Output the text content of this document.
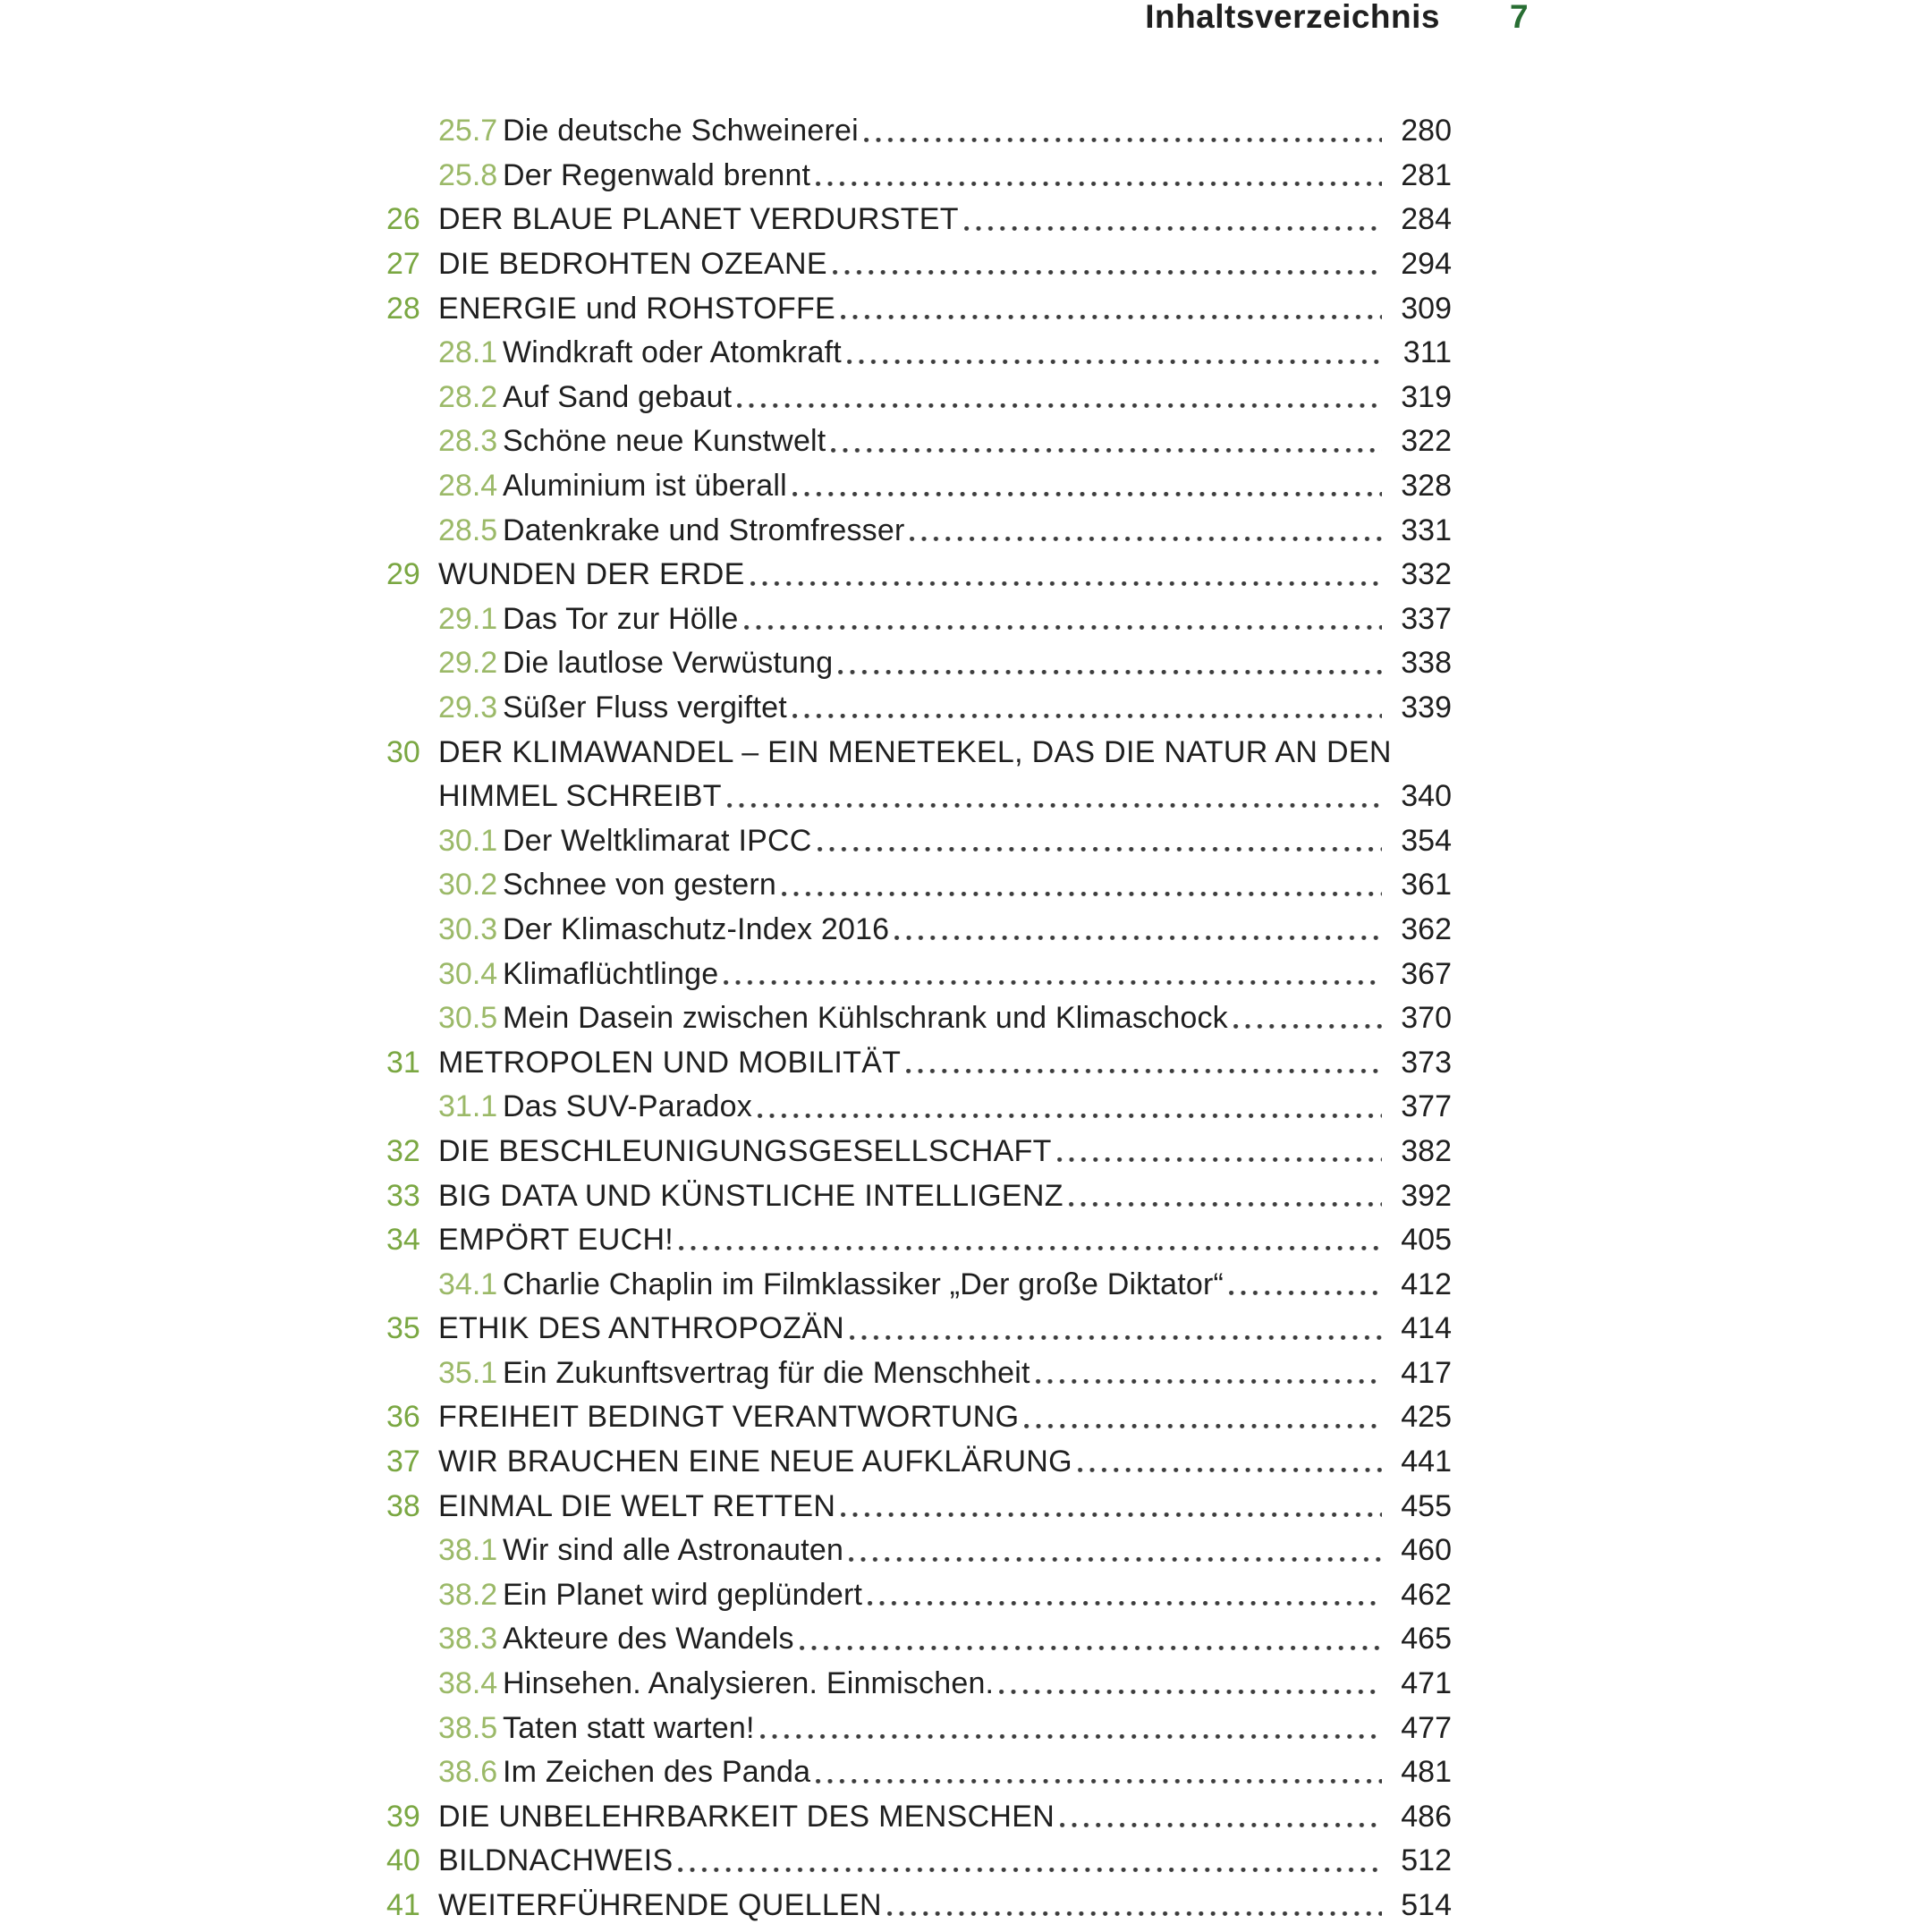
Inhaltsverzeichnis 7
25.7 Die deutsche Schweinerei	280
25.8 Der Regenwald brennt	281
26 DER BLAUE PLANET VERDURSTET	284
27 DIE BEDROHTEN OZEANE	294
28 ENERGIE und ROHSTOFFE	309
28.1 Windkraft oder Atomkraft	311
28.2 Auf Sand gebaut	319
28.3 Schöne neue Kunstwelt	322
28.4 Aluminium ist überall	328
28.5 Datenkrake und Stromfresser	331
29 WUNDEN DER ERDE	332
29.1 Das Tor zur Hölle	337
29.2 Die lautlose Verwüstung	338
29.3 Süßer Fluss vergiftet	339
30 DER KLIMAWANDEL – EIN MENETEKEL, DAS DIE NATUR AN DEN
HIMMEL SCHREIBT	340
30.1 Der Weltklimarat IPCC	354
30.2 Schnee von gestern	361
30.3 Der Klimaschutz-Index 2016	362
30.4 Klimaflüchtlinge	367
30.5 Mein Dasein zwischen Kühlschrank und Klimaschock	370
31 METROPOLEN UND MOBILITÄT	373
31.1 Das SUV-Paradox	377
32 DIE BESCHLEUNIGUNGSGESELLSCHAFT	382
33 BIG DATA UND KÜNSTLICHE INTELLIGENZ	392
34 EMPÖRT EUCH!	405
34.1 Charlie Chaplin im Filmklassiker „Der große Diktator“	412
35 ETHIK DES ANTHROPOZÄN	414
35.1 Ein Zukunftsvertrag für die Menschheit	417
36 FREIHEIT BEDINGT VERANTWORTUNG	425
37 WIR BRAUCHEN EINE NEUE AUFKLÄRUNG	441
38 EINMAL DIE WELT RETTEN	455
38.1 Wir sind alle Astronauten	460
38.2 Ein Planet wird geplündert	462
38.3 Akteure des Wandels	465
38.4 Hinsehen. Analysieren. Einmischen.	471
38.5 Taten statt warten!	477
38.6 Im Zeichen des Panda	481
39 DIE UNBELEHRBARKEIT DES MENSCHEN	486
40 BILDNACHWEIS	512
41 WEITERFÜHRENDE QUELLEN	514
